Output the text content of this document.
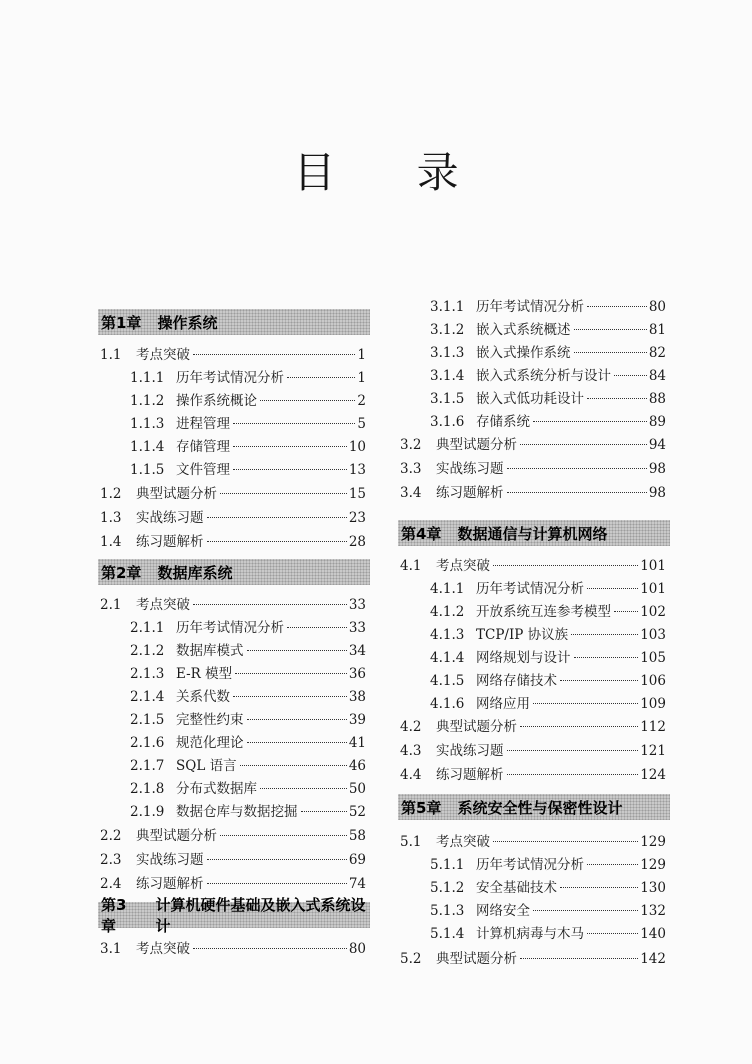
目 录
第1章 操作系统
1.1	考点突破	1
1.1.1 历年考试情况分析	1
1.1.2 操作系统概论	2
1.1.3 进程管理	5
1.1.4 存储管理	10
1.1.5 文件管理	13
1.2	典型试题分析	15
1.3	实战练习题	23
1.4	练习题解析	28
第2章 数据库系统
2.1	考点突破	33
2.1.1 历年考试情况分析	33
2.1.2 数据库模式	34
2.1.3 E-R 模型	36
2.1.4 关系代数	38
2.1.5 完整性约束	39
2.1.6 规范化理论	41
2.1.7 SQL 语言	46
2.1.8 分布式数据库	50
2.1.9 数据仓库与数据挖掘	52
2.2	典型试题分析	58
2.3	实战练习题	69
2.4	练习题解析	74
第3章
计算机硬件基础及嵌入式系统设计
3.1	考点突破	80
3.1.1 历年考试情况分析	80
3.1.2 嵌入式系统概述	81
3.1.3 嵌入式操作系统	82
3.1.4 嵌入式系统分析与设计	84
3.1.5 嵌入式低功耗设计	88
3.1.6 存储系统	89
3.2	典型试题分析	94
3.3	实战练习题	98
3.4	练习题解析	98
第4章 数据通信与计算机网络
4.1	考点突破	101
4.1.1 历年考试情况分析	101
4.1.2 开放系统互连参考模型 102
4.1.3 TCP/IP 协议族	103
4.1.4 网络规划与设计	105
4.1.5 网络存储技术	106
4.1.6 网络应用	109
4.2	典型试题分析	112
4.3	实战练习题	121
4.4	练习题解析	124
第5章 系统安全性与保密性设计
5.1	考点突破	129
5.1.1 历年考试情况分析	129
5.1.2 安全基础技术	130
5.1.3 网络安全	132
5.1.4 计算机病毒与木马	140
5.2	典型试题分析	142
